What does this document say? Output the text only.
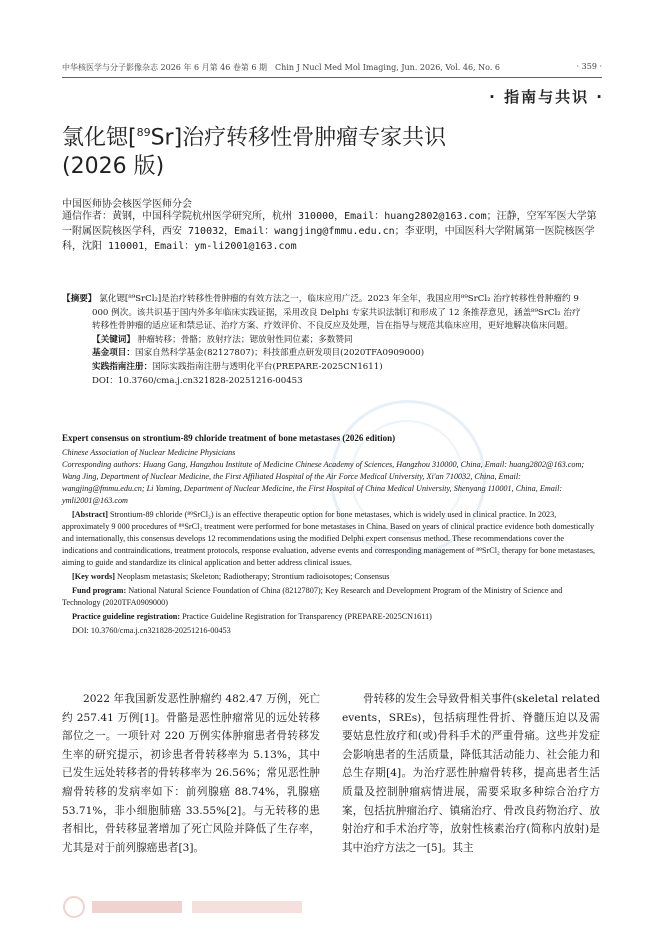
中华核医学与分子影像杂志 2026 年 6 月第 46 卷第 6 期　Chin J Nucl Med Mol Imaging, Jun. 2026, Vol. 46, No. 6	· 359 ·
· 指南与共识 ·
氯化锶[$^{89}$Sr]治疗转移性骨肿瘤专家共识
(2026 版)
中国医师协会核医学医师分会
通信作者：黄钢，中国科学院杭州医学研究所，杭州 310000，Email：huang2802@163.com；汪静，空军军医大学第一附属医院核医学科，西安 710032，Email：wangjing@fmmu.edu.cn；李亚明，中国医科大学附属第一医院核医学科，沈阳 110001，Email：ym-li2001@163.com

【摘要】 氯化锶[⁸⁹SrCl₂]是治疗转移性骨肿瘤的有效方法之一，临床应用广泛。2023 年全年，我国应用⁸⁹SrCl₂ 治疗转移性骨肿瘤约 9 000 例次。该共识基于国内外多年临床实践证据，采用改良 Delphi 专家共识法制订和形成了 12 条推荐意见，涵盖⁸⁹SrCl₂ 治疗转移性骨肿瘤的适应证和禁忌证、治疗方案、疗效评价、不良反应及处理，旨在指导与规范其临床应用，更好地解决临床问题。

【关键词】 肿瘤转移；骨骼；放射疗法；锶放射性同位素；多数赞同

基金项目：国家自然科学基金(82127807)；科技部重点研发项目(2020TFA0909000)

实践指南注册：国际实践指南注册与透明化平台(PREPARE-2025CN1611)

DOI：10.3760/cma.j.cn321828-20251216-00453

Expert consensus on strontium-89 chloride treatment of bone metastases (2026 edition)
Chinese Association of Nuclear Medicine Physicians
Corresponding authors: Huang Gang, Hangzhou Institute of Medicine Chinese Academy of Sciences, Hangzhou 310000, China, Email: huang2802@163.com; Wang Jing, Department of Nuclear Medicine, the First Affiliated Hospital of the Air Force Medical University, Xi'an 710032, China, Email: wangjing@fmmu.edu.cn; Li Yaming, Department of Nuclear Medicine, the First Hospital of China Medical University, Shenyang 110001, China, Email: ymli2001@163.com
[Abstract] Strontium-89 chloride (⁸⁹SrCl₂) is an effective therapeutic option for bone metastases, which is widely used in clinical practice. In 2023, approximately 9 000 procedures of ⁸⁹SrCl₂ treatment were performed for bone metastases in China. Based on years of clinical practice evidence both domestically and internationally, this consensus develops 12 recommendations using the modified Delphi expert consensus method. These recommendations cover the indications and contraindications, treatment protocols, response evaluation, adverse events and corresponding management of ⁸⁹SrCl₂ therapy for bone metastases, aiming to guide and standardize its clinical application and better address clinical issues.
[Key words] Neoplasm metastasis; Skeleton; Radiotherapy; Strontium radioisotopes; Consensus
Fund program: National Natural Science Foundation of China (82127807); Key Research and Development Program of the Ministry of Science and Technology (2020TFA0909000)
Practice guideline registration: Practice Guideline Registration for Transparency (PREPARE-2025CN1611)
DOI: 10.3760/cma.j.cn321828-20251216-00453

2022 年我国新发恶性肿瘤约 482.47 万例，死亡约 257.41 万例[1]。骨骼是恶性肿瘤常见的远处转移部位之一。一项针对 220 万例实体肿瘤患者骨转移发生率的研究提示，初诊患者骨转移率为 5.13%，其中已发生远处转移者的骨转移率为 26.56%；常见恶性肿瘤骨转移的发病率如下：前列腺癌 88.74%，乳腺癌 53.71%，非小细胞肺癌 33.55%[2]。与无转移的患者相比，骨转移显著增加了死亡风险并降低了生存率，尤其是对于前列腺癌患者[3]。

骨转移的发生会导致骨相关事件(skeletal related events，SREs)，包括病理性骨折、脊髓压迫以及需要姑息性放疗和(或)骨科手术的严重骨痛。这些并发症会影响患者的生活质量，降低其活动能力、社会能力和总生存期[4]。为治疗恶性肿瘤骨转移，提高患者生活质量及控制肿瘤病情进展，需要采取多种综合治疗方案，包括抗肿瘤治疗、镇痛治疗、骨改良药物治疗、放射治疗和手术治疗等，放射性核素治疗(简称内放射)是其中治疗方法之一[5]。其主
